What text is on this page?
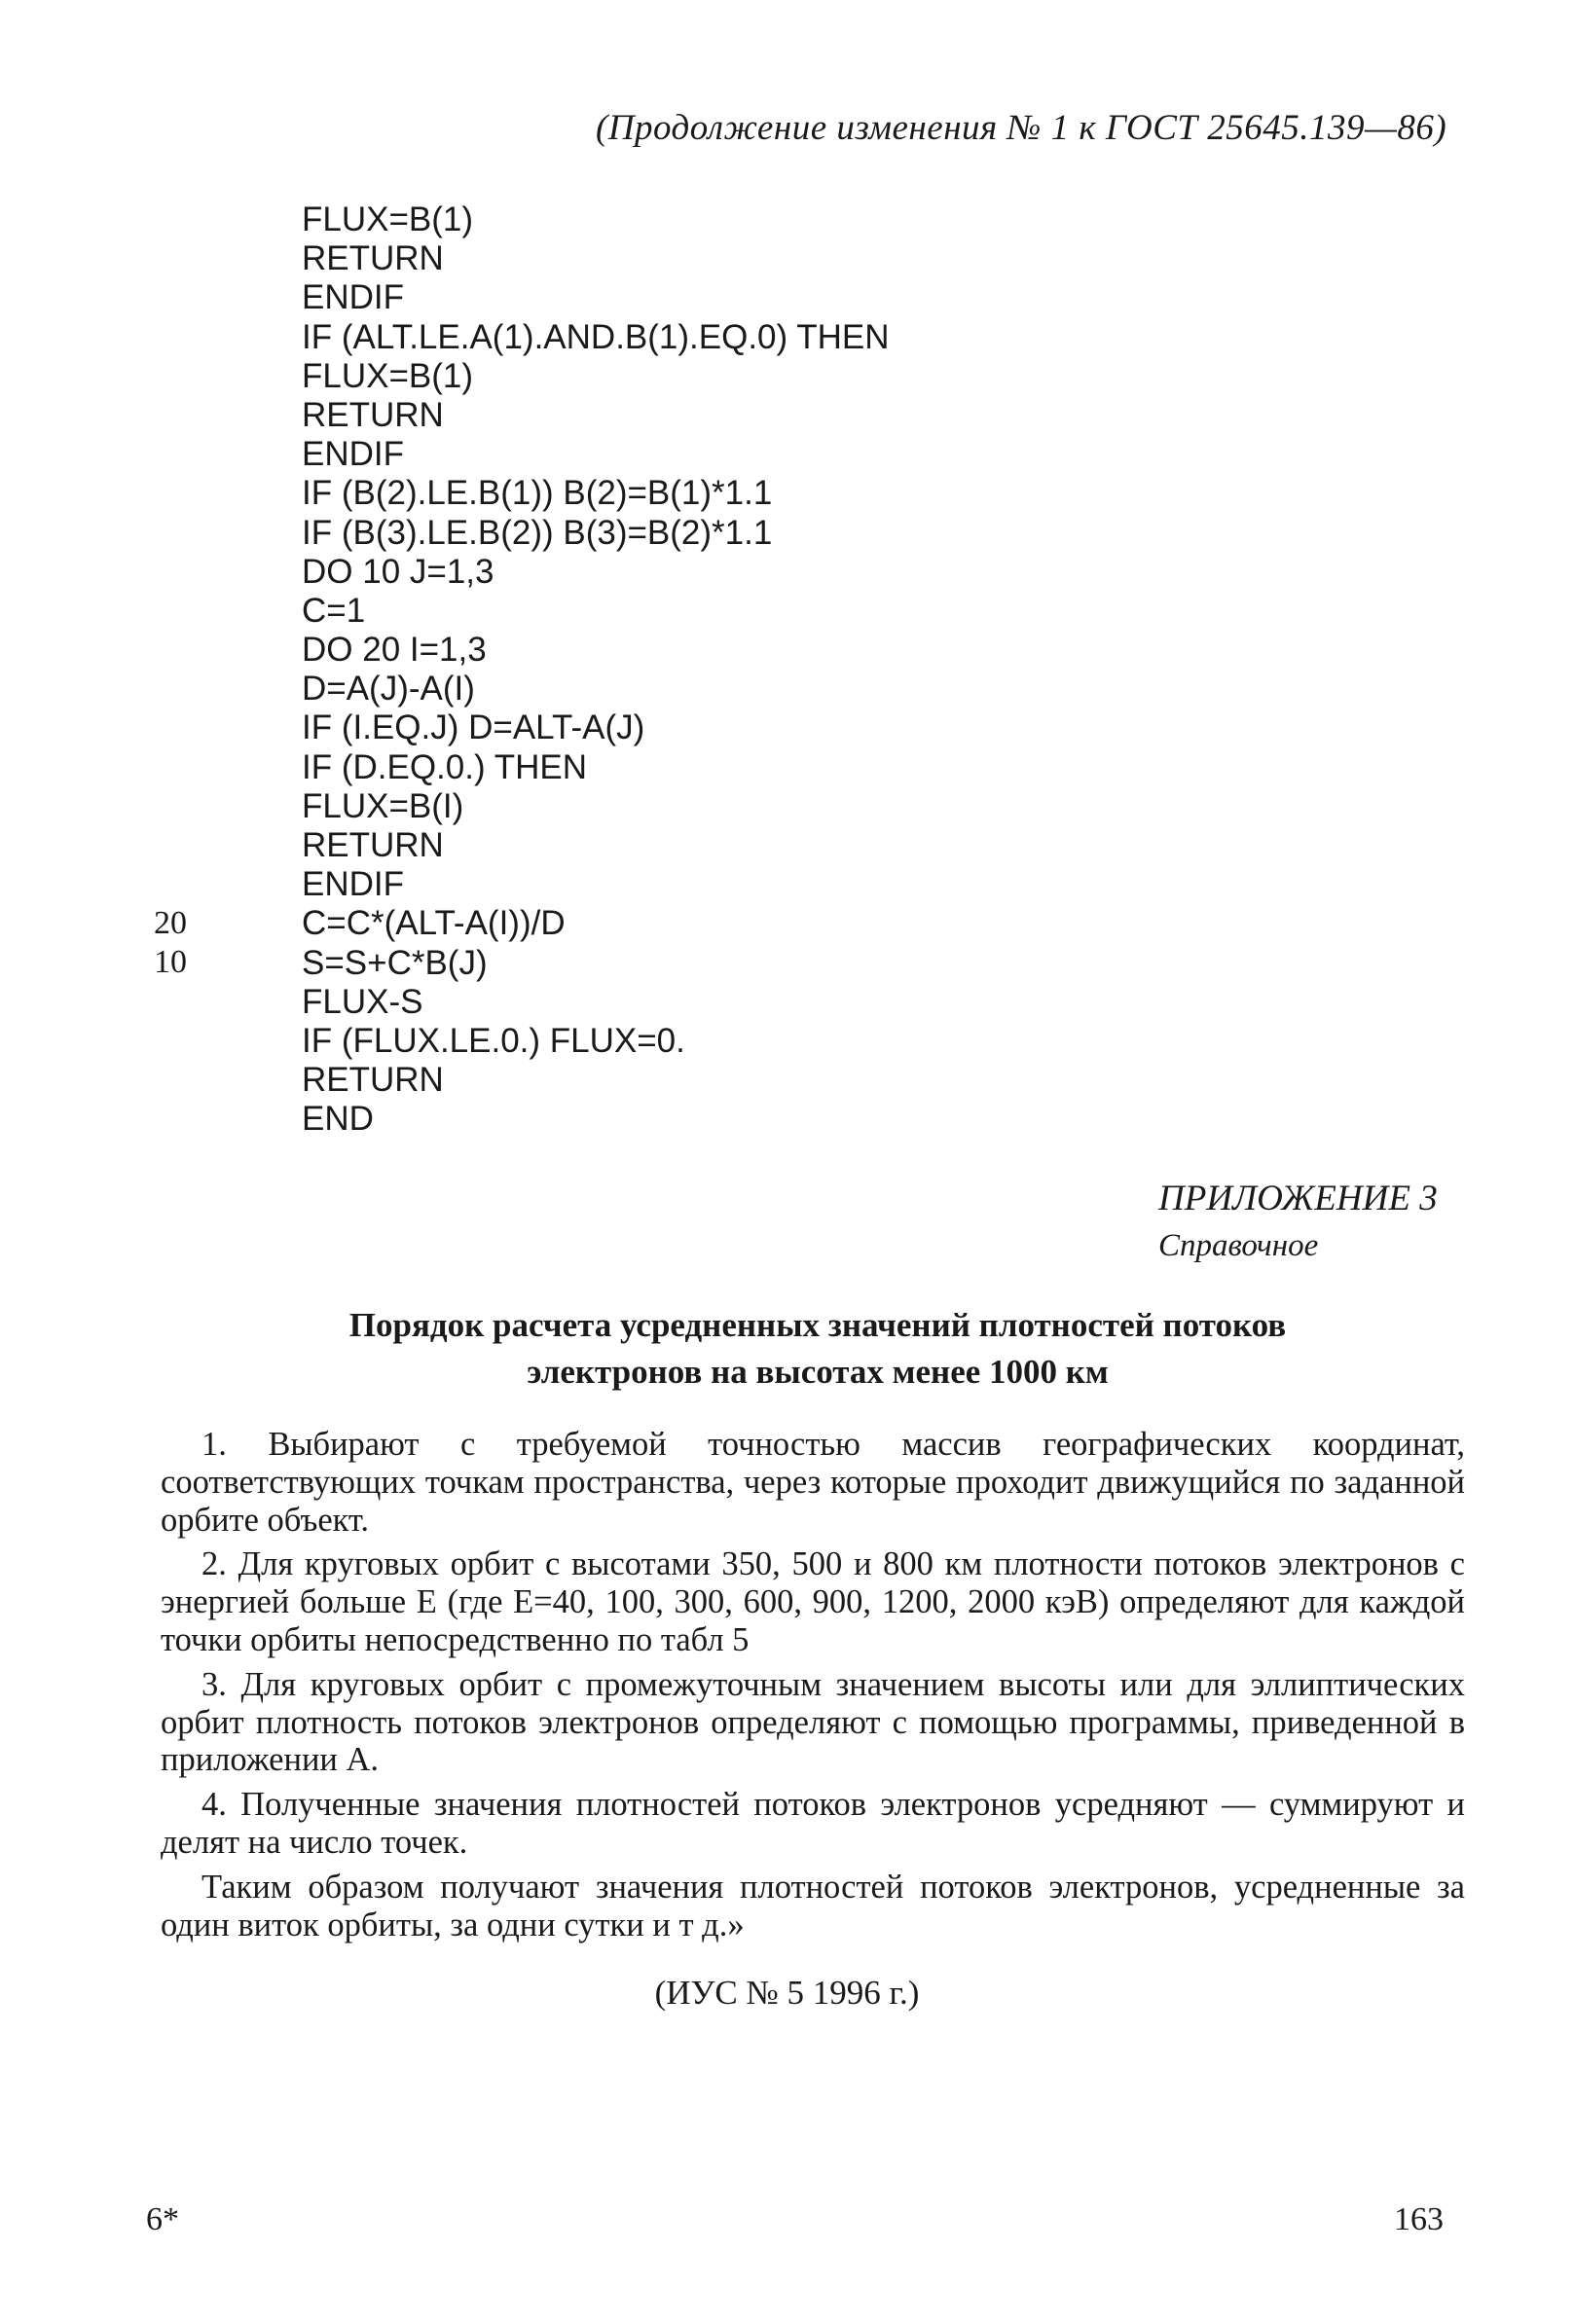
(Продолжение изменения № 1 к ГОСТ 25645.139—86)
FLUX=B(1)
RETURN
ENDIF
IF (ALT.LE.A(1).AND.B(1).EQ.0) THEN
FLUX=B(1)
RETURN
ENDIF
IF (B(2).LE.B(1)) B(2)=B(1)*1.1
IF (B(3).LE.B(2)) B(3)=B(2)*1.1
DO 10 J=1,3
C=1
DO 20 I=1,3
D=A(J)-A(I)
IF (I.EQ.J) D=ALT-A(J)
IF (D.EQ.0.) THEN
FLUX=B(I)
RETURN
ENDIF
C=C*(ALT-A(I))/D
S=S+C*B(J)
FLUX-S
IF (FLUX.LE.0.) FLUX=0.
RETURN
END
20
10
ПРИЛОЖЕНИЕ 3
Справочное
Порядок расчета усредненных значений плотностей потоков
электронов на высотах менее 1000 км

1. Выбирают с требуемой точностью массив географических координат, соответствующих точкам пространства, через которые проходит движущийся по заданной орбите объект.

2. Для круговых орбит с высотами 350, 500 и 800 км плотности потоков электронов с энергией больше E (где E=40, 100, 300, 600, 900, 1200, 2000 кэВ) определяют для каждой точки орбиты непосредственно по табл 5

3. Для круговых орбит с промежуточным значением высоты или для эллиптических орбит плотность потоков электронов определяют с помощью программы, приведенной в приложении А.

4. Полученные значения плотностей потоков электронов усредняют — суммируют и делят на число точек.

Таким образом получают значения плотностей потоков электронов, усредненные за один виток орбиты, за одни сутки и т д.»

(ИУС № 5 1996 г.)
6*	163
